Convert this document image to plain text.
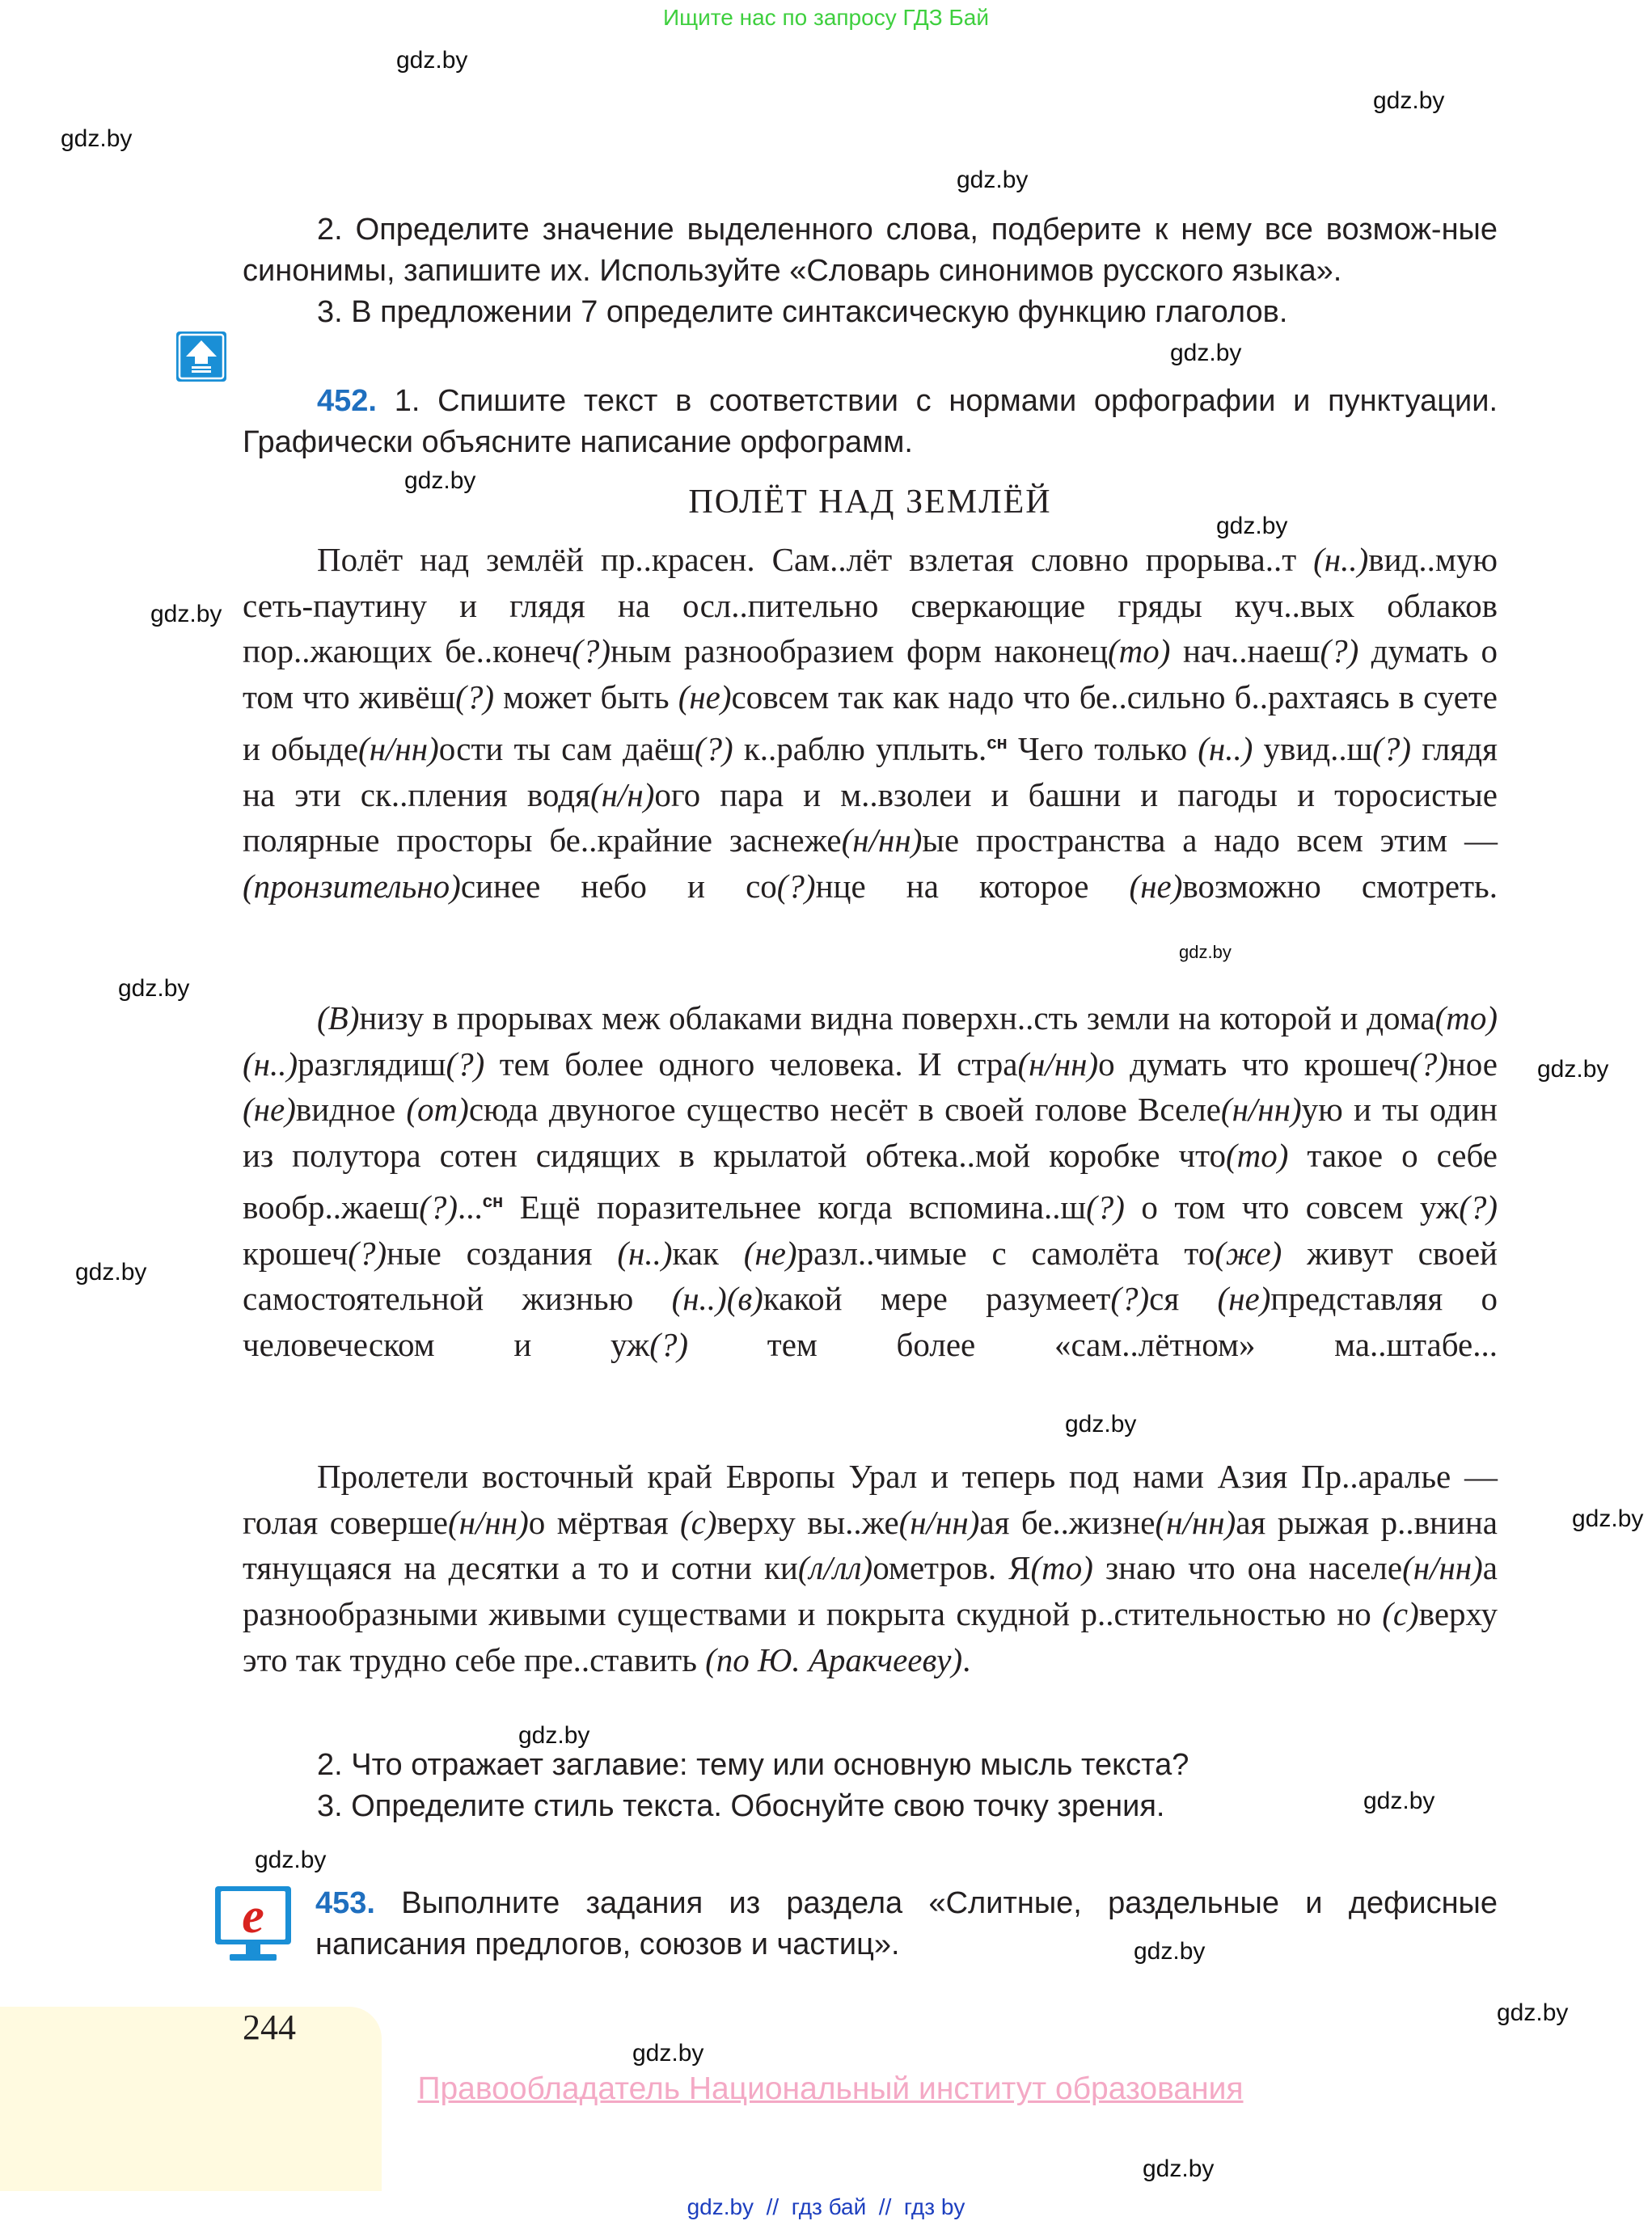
Ищите нас по запросу ГДЗ Бай
gdz.by
gdz.by
gdz.by
gdz.by
gdz.by
gdz.by
gdz.by
gdz.by
gdz.by
gdz.by
gdz.by
gdz.by
gdz.by
gdz.by
gdz.by
gdz.by
gdz.by
gdz.by
gdz.by
gdz.by
gdz.by
2. Определите значение выделенного слова, подберите к нему все возмож-ные синонимы, запишите их. Используйте «Словарь синонимов русского языка».
3. В предложении 7 определите синтаксическую функцию глаголов.
452. 1. Спишите текст в соответствии с нормами орфографии и пунктуации. Графически объясните написание орфограмм.
ПОЛЁТ НАД ЗЕМЛЁЙ
Полёт над землёй пр..красен. Сам..лёт взлетая словно прорыва..т (н..)вид..мую сеть-паутину и глядя на осл..пительно сверкающие гряды куч..вых облаков пор..жающих бе..конеч(?)ным разнообразием форм наконец(то) нач..наеш(?) думать о том что живёш(?) может быть (не)совсем так как надо что бе..сильно б..рахтаясь в суете и обыде(н/нн)ости ты сам даёш(?) к..раблю уплыть.$^{сн}$ Чего только (н..) увид..ш(?) глядя на эти ск..пления водя(н/н)ого пара и м..взолеи и башни и пагоды и торосистые полярные просторы бе..крайние заснеже(н/нн)ые пространства а надо всем этим — (пронзительно)синее небо и со(?)нце на которое (не)возможно смотреть.
(В)низу в прорывах меж облаками видна поверхн..сть земли на которой и дома(то) (н..)разглядиш(?) тем более одного человека. И стра(н/нн)о думать что крошеч(?)ное (не)видное (от)сюда двуногое существо несёт в своей голове Вселе(н/нн)ую и ты один из полутора сотен сидящих в крылатой обтека..мой коробке что(то) такое о себе вообр..жаеш(?)...$^{сн}$ Ещё поразительнее когда вспомина..ш(?) о том что совсем уж(?) крошеч(?)ные создания (н..)как (не)разл..чимые с самолёта то(же) живут своей самостоятельной жизнью (н..)(в)какой мере разумеет(?)ся (не)представляя о человеческом и уж(?) тем более «сам..лётном» ма..штабе...
Пролетели восточный край Европы Урал и теперь под нами Азия Пр..аралье — голая соверше(н/нн)о мёртвая (с)верху вы..же(н/нн)ая бе..жизне(н/нн)ая рыжая р..внина тянущаяся на десятки а то и сотни ки(л/лл)ометров. Я(то) знаю что она населе(н/нн)а разнообразными живыми существами и покрыта скудной р..стительностью но (с)верху это так трудно себе пре..ставить (по Ю. Аракчееву).
2. Что отражает заглавие: тему или основную мысль текста?
3. Определите стиль текста. Обоснуйте свою точку зрения.
e 453. Выполните задания из раздела «Слитные, раздельные и дефисные написания предлогов, союзов и частиц».
244
Правообладатель Национальный институт образования
gdz.by  //  гдз бай  //  гдз by
